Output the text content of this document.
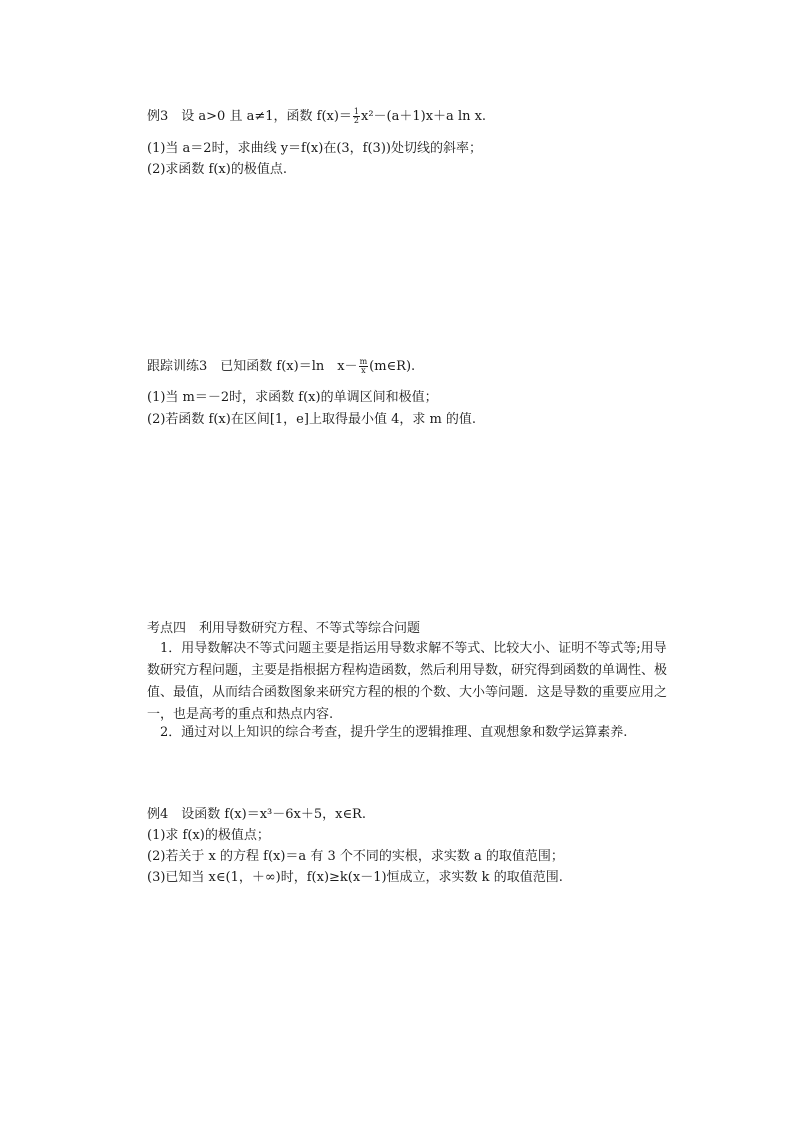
例3　设 a>0 且 a≠1，函数 $f(x)= \frac{1}{2} x^2-(a+1)x+a$ ln x.
(1)当 a＝2时，求曲线 y＝f(x)在(3，f(3))处切线的斜率；
(2)求函数 f(x)的极值点.
跟踪训练3　已知函数 f(x)＝ln　$x- \frac{m}{x}$ (m∈R).
(1)当 m＝－2时，求函数 f(x)的单调区间和极值；
(2)若函数 f(x)在区间[1，e]上取得最小值 4，求 m 的值.
考点四　利用导数研究方程、不等式等综合问题
1．用导数解决不等式问题主要是指运用导数求解不等式、比较大小、证明不等式等;用导数研究方程问题，主要是指根据方程构造函数，然后利用导数，研究得到函数的单调性、极值、最值，从而结合函数图象来研究方程的根的个数、大小等问题．这是导数的重要应用之一，也是高考的重点和热点内容.
2．通过对以上知识的综合考查，提升学生的逻辑推理、直观想象和数学运算素养.
例4　设函数 f(x)＝x³－6x＋5，x∈R.
(1)求 f(x)的极值点；
(2)若关于 x 的方程 f(x)＝a 有 3 个不同的实根，求实数 a 的取值范围；
(3)已知当 x∈(1，＋∞)时，f(x)≥k(x－1)恒成立，求实数 k 的取值范围.
